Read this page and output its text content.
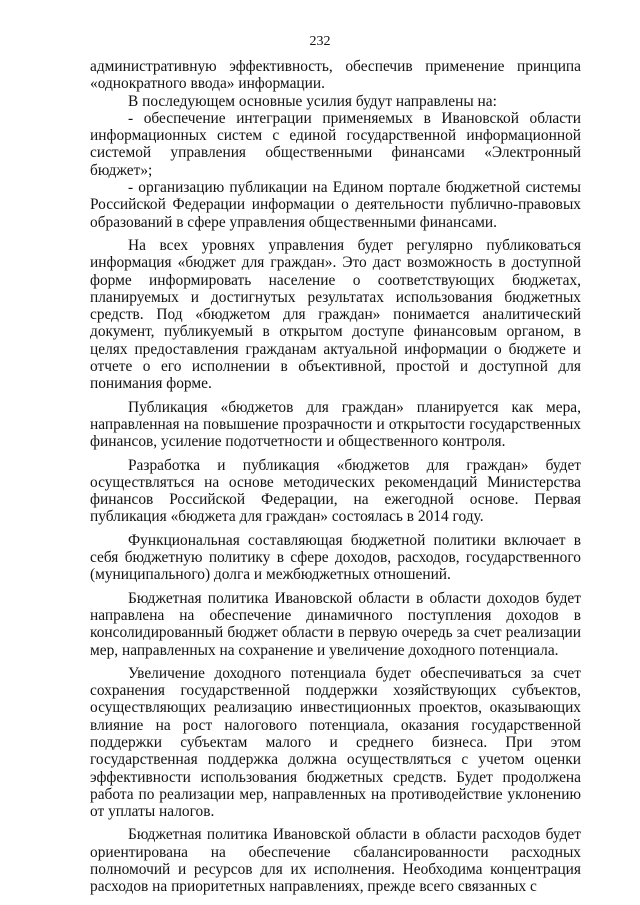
232

административную эффективность, обеспечив применение принципа «однократного ввода» информации.

В последующем основные усилия будут направлены на:

- обеспечение интеграции применяемых в Ивановской области информационных систем с единой государственной информационной системой управления общественными финансами «Электронный бюджет»;

- организацию публикации на Едином портале бюджетной системы Российской Федерации информации о деятельности публично-правовых образований в сфере управления общественными финансами.

На всех уровнях управления будет регулярно публиковаться информация «бюджет для граждан». Это даст возможность в доступной форме информировать население о соответствующих бюджетах, планируемых и достигнутых результатах использования бюджетных средств. Под «бюджетом для граждан» понимается аналитический документ, публикуемый в открытом доступе финансовым органом, в целях предоставления гражданам актуальной информации о бюджете и отчете о его исполнении в объективной, простой и доступной для понимания форме.

Публикация «бюджетов для граждан» планируется как мера, направленная на повышение прозрачности и открытости государственных финансов, усиление подотчетности и общественного контроля.

Разработка и публикация «бюджетов для граждан» будет осуществляться на основе методических рекомендаций Министерства финансов Российской Федерации, на ежегодной основе. Первая публикация «бюджета для граждан» состоялась в 2014 году.

Функциональная составляющая бюджетной политики включает в себя бюджетную политику в сфере доходов, расходов, государственного (муниципального) долга и межбюджетных отношений.

Бюджетная политика Ивановской области в области доходов будет направлена на обеспечение динамичного поступления доходов в консолидированный бюджет области в первую очередь за счет реализации мер, направленных на сохранение и увеличение доходного потенциала.

Увеличение доходного потенциала будет обеспечиваться за счет сохранения государственной поддержки хозяйствующих субъектов, осуществляющих реализацию инвестиционных проектов, оказывающих влияние на рост налогового потенциала, оказания государственной поддержки субъектам малого и среднего бизнеса. При этом государственная поддержка должна осуществляться с учетом оценки эффективности использования бюджетных средств. Будет продолжена работа по реализации мер, направленных на противодействие уклонению от уплаты налогов.

Бюджетная политика Ивановской области в области расходов будет ориентирована на обеспечение сбалансированности расходных полномочий и ресурсов для их исполнения. Необходима концентрация расходов на приоритетных направлениях, прежде всего связанных с
